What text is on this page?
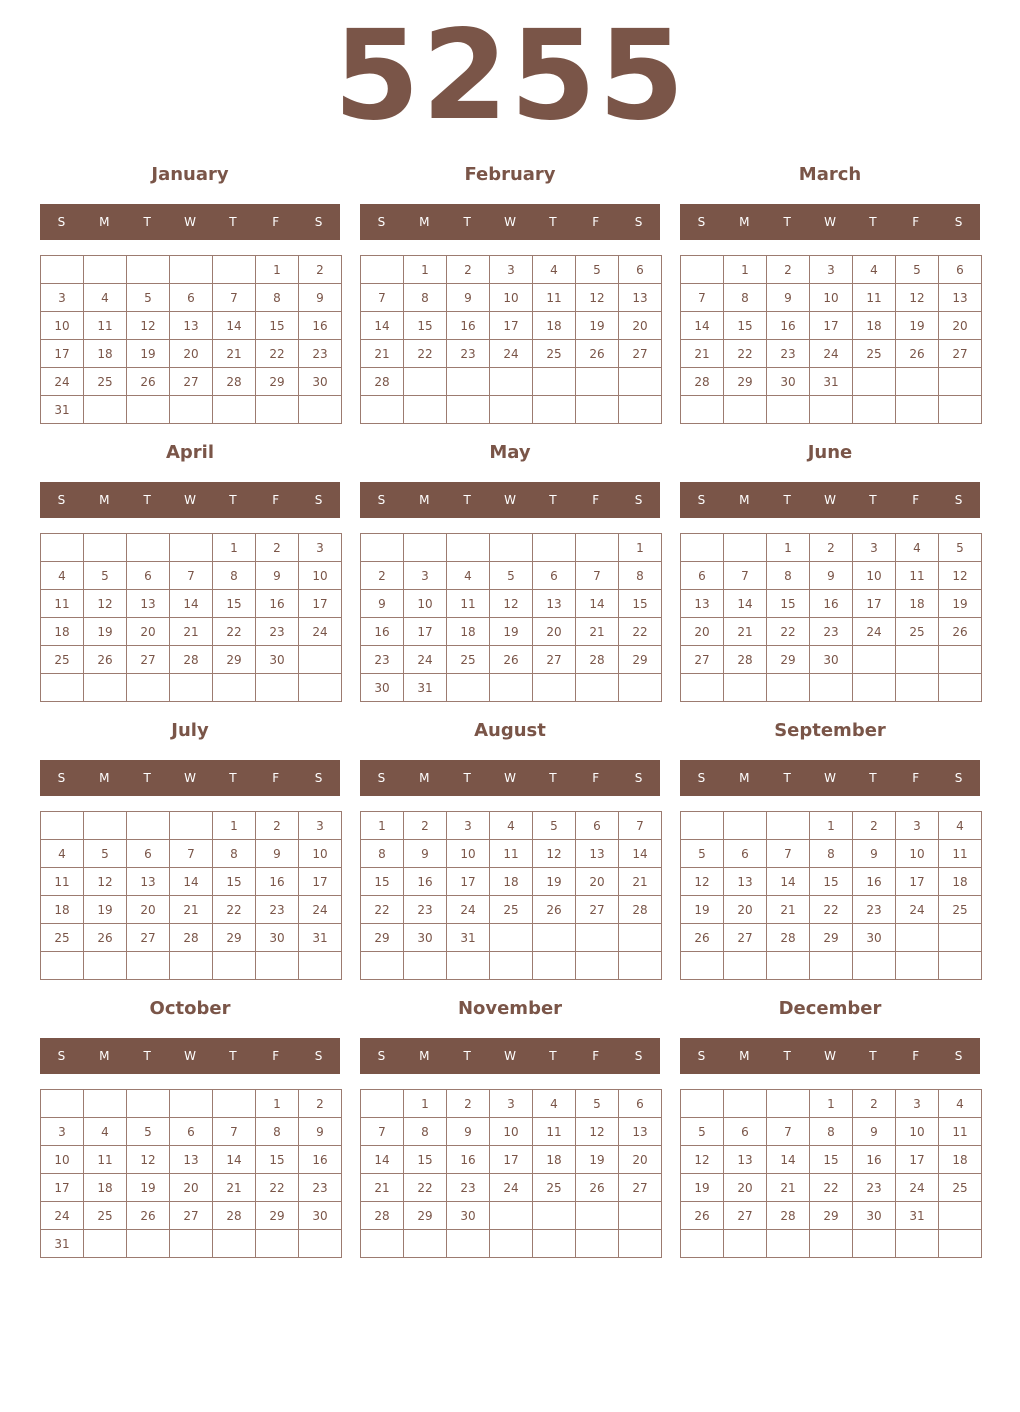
5255
January
S	M	T	W	T	F	S
					1	2
3	4	5	6	7	8	9
10	11	12	13	14	15	16
17	18	19	20	21	22	23
24	25	26	27	28	29	30
31						
February
S	M	T	W	T	F	S
	1	2	3	4	5	6
7	8	9	10	11	12	13
14	15	16	17	18	19	20
21	22	23	24	25	26	27
28						

March
S	M	T	W	T	F	S
	1	2	3	4	5	6
7	8	9	10	11	12	13
14	15	16	17	18	19	20
21	22	23	24	25	26	27
28	29	30	31			

April
S	M	T	W	T	F	S
				1	2	3
4	5	6	7	8	9	10
11	12	13	14	15	16	17
18	19	20	21	22	23	24
25	26	27	28	29	30	

May
S	M	T	W	T	F	S
						1
2	3	4	5	6	7	8
9	10	11	12	13	14	15
16	17	18	19	20	21	22
23	24	25	26	27	28	29
30	31					
June
S	M	T	W	T	F	S
		1	2	3	4	5
6	7	8	9	10	11	12
13	14	15	16	17	18	19
20	21	22	23	24	25	26
27	28	29	30			

July
S	M	T	W	T	F	S
				1	2	3
4	5	6	7	8	9	10
11	12	13	14	15	16	17
18	19	20	21	22	23	24
25	26	27	28	29	30	31

August
S	M	T	W	T	F	S
1	2	3	4	5	6	7
8	9	10	11	12	13	14
15	16	17	18	19	20	21
22	23	24	25	26	27	28
29	30	31				

September
S	M	T	W	T	F	S
			1	2	3	4
5	6	7	8	9	10	11
12	13	14	15	16	17	18
19	20	21	22	23	24	25
26	27	28	29	30		

October
S	M	T	W	T	F	S
					1	2
3	4	5	6	7	8	9
10	11	12	13	14	15	16
17	18	19	20	21	22	23
24	25	26	27	28	29	30
31						
November
S	M	T	W	T	F	S
	1	2	3	4	5	6
7	8	9	10	11	12	13
14	15	16	17	18	19	20
21	22	23	24	25	26	27
28	29	30				

December
S	M	T	W	T	F	S
			1	2	3	4
5	6	7	8	9	10	11
12	13	14	15	16	17	18
19	20	21	22	23	24	25
26	27	28	29	30	31	
